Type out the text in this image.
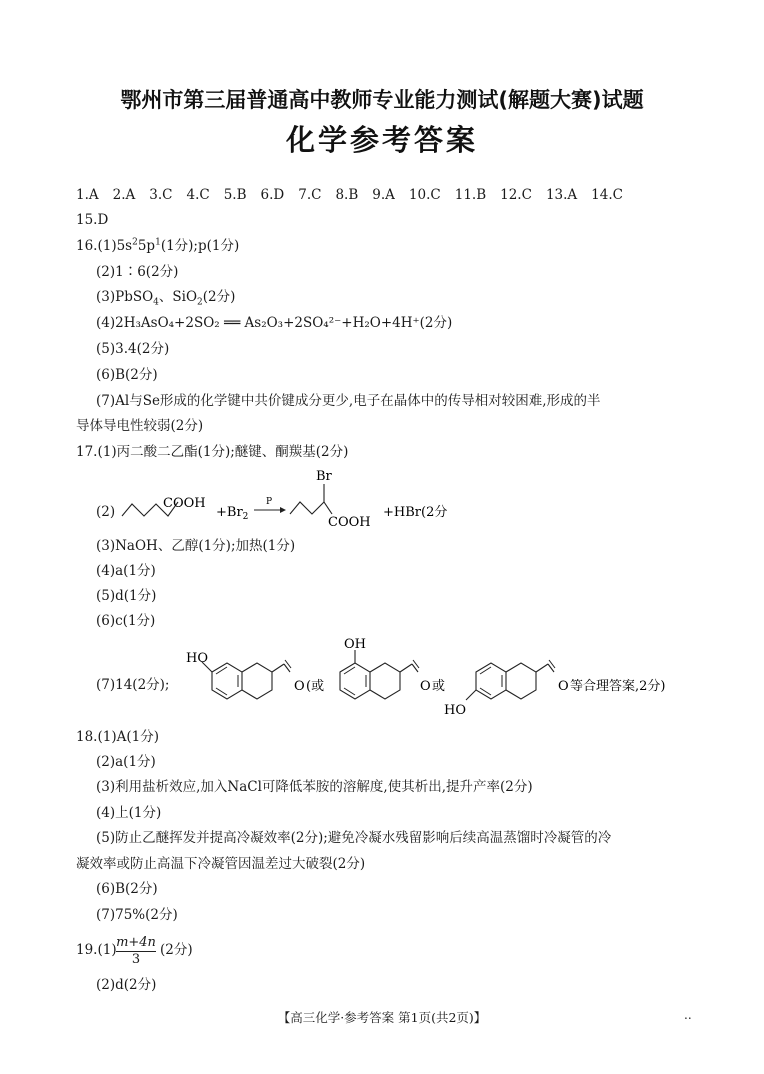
鄂州市第三届普通高中教师专业能力测试(解题大赛)试题
化学参考答案
1.A 2.A 3.C 4.C 5.B 6.D 7.C 8.B 9.A 10.C 11.B 12.C 13.A 14.C
15.D
$16.(1)5s^25p^1(1$分);p(1分)
(2)1∶6(2分)
(3)PbSO$_4$、SiO$_2$(2分)
(4)2H₃AsO₄+2SO₂ ══ As₂O₃+2SO₄²⁻+H₂O+4H⁺(2分)
(5)3.4(2分)
(6)B(2分)
(7)Al与Se形成的化学键中共价键成分更少,电子在晶体中的传导相对较困难,形成的半
导体导电性较弱(2分)
17.(1)丙二酸二乙酯(1分);醚键、酮羰基(2分)
(2)
COOH
$+Br_2$
P
Br
COOH
+HBr(2分
(3)NaOH、乙醇(1分);加热(1分)
(4)a(1分)
(5)d(1分)
(6)c(1分)
(7)14(2分);
HO
O (或
OH
O 或
HO
O 等合理答案,2分)
18.(1)A(1分)
(2)a(1分)
(3)利用盐析效应,加入NaCl可降低苯胺的溶解度,使其析出,提升产率(2分)
(4)上(1分)
(5)防止乙醚挥发并提高冷凝效率(2分);避免冷凝水残留影响后续高温蒸馏时冷凝管的冷
凝效率或防止高温下冷凝管因温差过大破裂(2分)
(6)B(2分)
(7)75%(2分)
$19.(1) \frac{m+4n}{3} (2$分)
(2)d(2分)
【高三化学·参考答案 第1页(共2页)】	..
